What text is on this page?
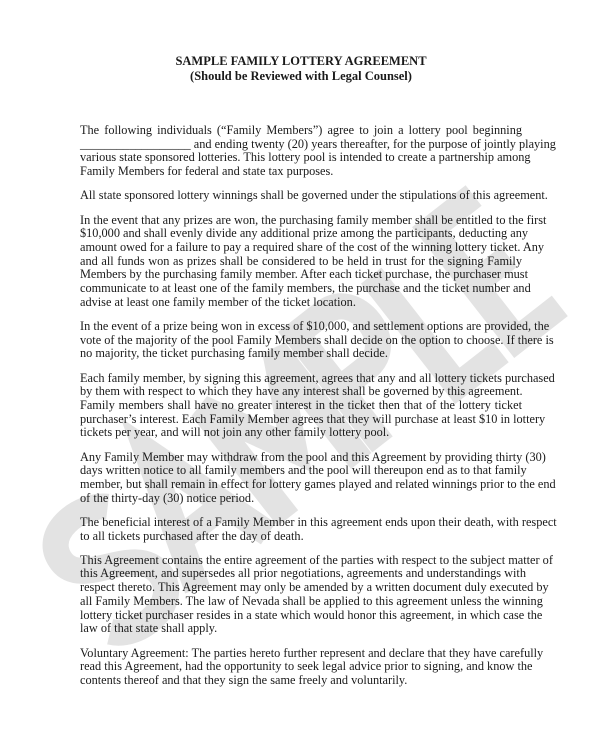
SAMPLE FAMILY LOTTERY AGREEMENT
(Should be Reviewed with Legal Counsel)

The following individuals (“Family Members”) agree to join a lottery pool beginning
__________________ and ending twenty (20) years thereafter, for the purpose of jointly playing
various state sponsored lotteries. This lottery pool is intended to create a partnership among
Family Members for federal and state tax purposes.

All state sponsored lottery winnings shall be governed under the stipulations of this agreement.

In the event that any prizes are won, the purchasing family member shall be entitled to the first
$10,000 and shall evenly divide any additional prize among the participants, deducting any
amount owed for a failure to pay a required share of the cost of the winning lottery ticket. Any
and all funds won as prizes shall be considered to be held in trust for the signing Family
Members by the purchasing family member. After each ticket purchase, the purchaser must
communicate to at least one of the family members, the purchase and the ticket number and
advise at least one family member of the ticket location.

In the event of a prize being won in excess of $10,000, and settlement options are provided, the
vote of the majority of the pool Family Members shall decide on the option to choose. If there is
no majority, the ticket purchasing family member shall decide.

Each family member, by signing this agreement, agrees that any and all lottery tickets purchased
by them with respect to which they have any interest shall be governed by this agreement.
Family members shall have no greater interest in the ticket then that of the lottery ticket
purchaser’s interest. Each Family Member agrees that they will purchase at least $10 in lottery
tickets per year, and will not join any other family lottery pool.

Any Family Member may withdraw from the pool and this Agreement by providing thirty (30)
days written notice to all family members and the pool will thereupon end as to that family
member, but shall remain in effect for lottery games played and related winnings prior to the end
of the thirty-day (30) notice period.

The beneficial interest of a Family Member in this agreement ends upon their death, with respect
to all tickets purchased after the day of death.

This Agreement contains the entire agreement of the parties with respect to the subject matter of
this Agreement, and supersedes all prior negotiations, agreements and understandings with
respect thereto. This Agreement may only be amended by a written document duly executed by
all Family Members. The law of Nevada shall be applied to this agreement unless the winning
lottery ticket purchaser resides in a state which would honor this agreement, in which case the
law of that state shall apply.

Voluntary Agreement: The parties hereto further represent and declare that they have carefully
read this Agreement, had the opportunity to seek legal advice prior to signing, and know the
contents thereof and that they sign the same freely and voluntarily.
